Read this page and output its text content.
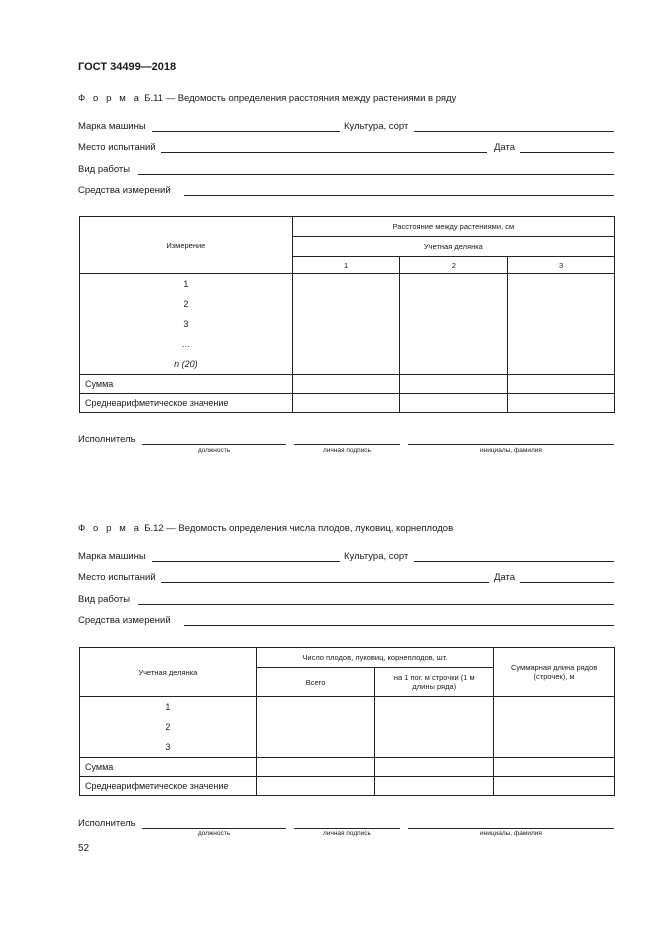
ГОСТ 34499—2018
Ф о р м а Б.11 — Ведомость определения расстояния между растениями в ряду
Марка машины	Культура, сорт
Место испытаний	Дата
Вид работы
Средства измерений
Измерение	Расстояние между растениями, см		
	Учетная делянка		
	1	2	3

1
2
3
…
n (20)			

Сумма			
Среднеарифметическое значение			
Исполнитель
должность	личная подпись	инициалы, фамилия
Ф о р м а Б.12 — Ведомость определения числа плодов, луковиц, корнеплодов
Марка машины	Культура, сорт
Место испытаний	Дата
Вид работы
Средства измерений
Учетная делянка	Число плодов, луковиц, корнеплодов, шт.		Суммарная длина рядов (строчек), м
	Всего	на 1 пог. м строчки (1 м длины ряда)	

1
2
3			

Сумма			
Среднеарифметическое значение			
Исполнитель
должность	личная подпись	инициалы, фамилия
52
